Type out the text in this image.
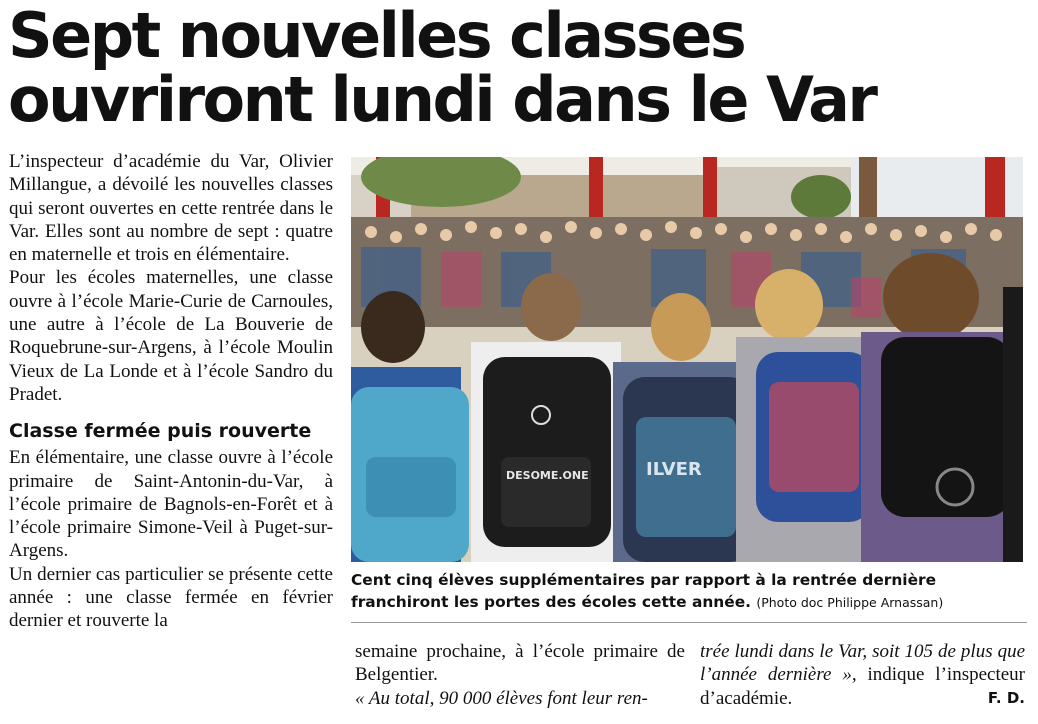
Sept nouvelles classes ouvriront lundi dans le Var

L’inspecteur d’académie du Var, Olivier Millangue, a dévoilé les nouvelles classes qui seront ouvertes en cette rentrée dans le Var. Elles sont au nombre de sept : quatre en maternelle et trois en élémentaire.

Pour les écoles maternelles, une classe ouvre à l’école Marie-Curie de Carnoules, une autre à l’école de La Bouverie de Roquebrune-sur-Argens, à l’école Moulin Vieux de La Londe et à l’école Sandro du Pradet.

Classe fermée puis rouverte

En élémentaire, une classe ouvre à l’école primaire de Saint-Antonin-du-Var, à l’école primaire de Bagnols-en-Forêt et à l’école primaire Simone-Veil à Puget-sur-Argens.

Un dernier cas particulier se présente cette année : une classe fermée en février dernier et rouverte la

DESOME.ONE	ILVER
Cent cinq élèves supplémentaires par rapport à la rentrée dernière franchiront les portes des écoles cette année. (Photo doc Philippe Arnassan)

semaine prochaine, à l’école primaire de Belgentier.

« Au total, 90 000 élèves font leur ren-

trée lundi dans le Var, soit 105 de plus que l’année dernière », indique l’inspecteur d’académie.	F. D.
